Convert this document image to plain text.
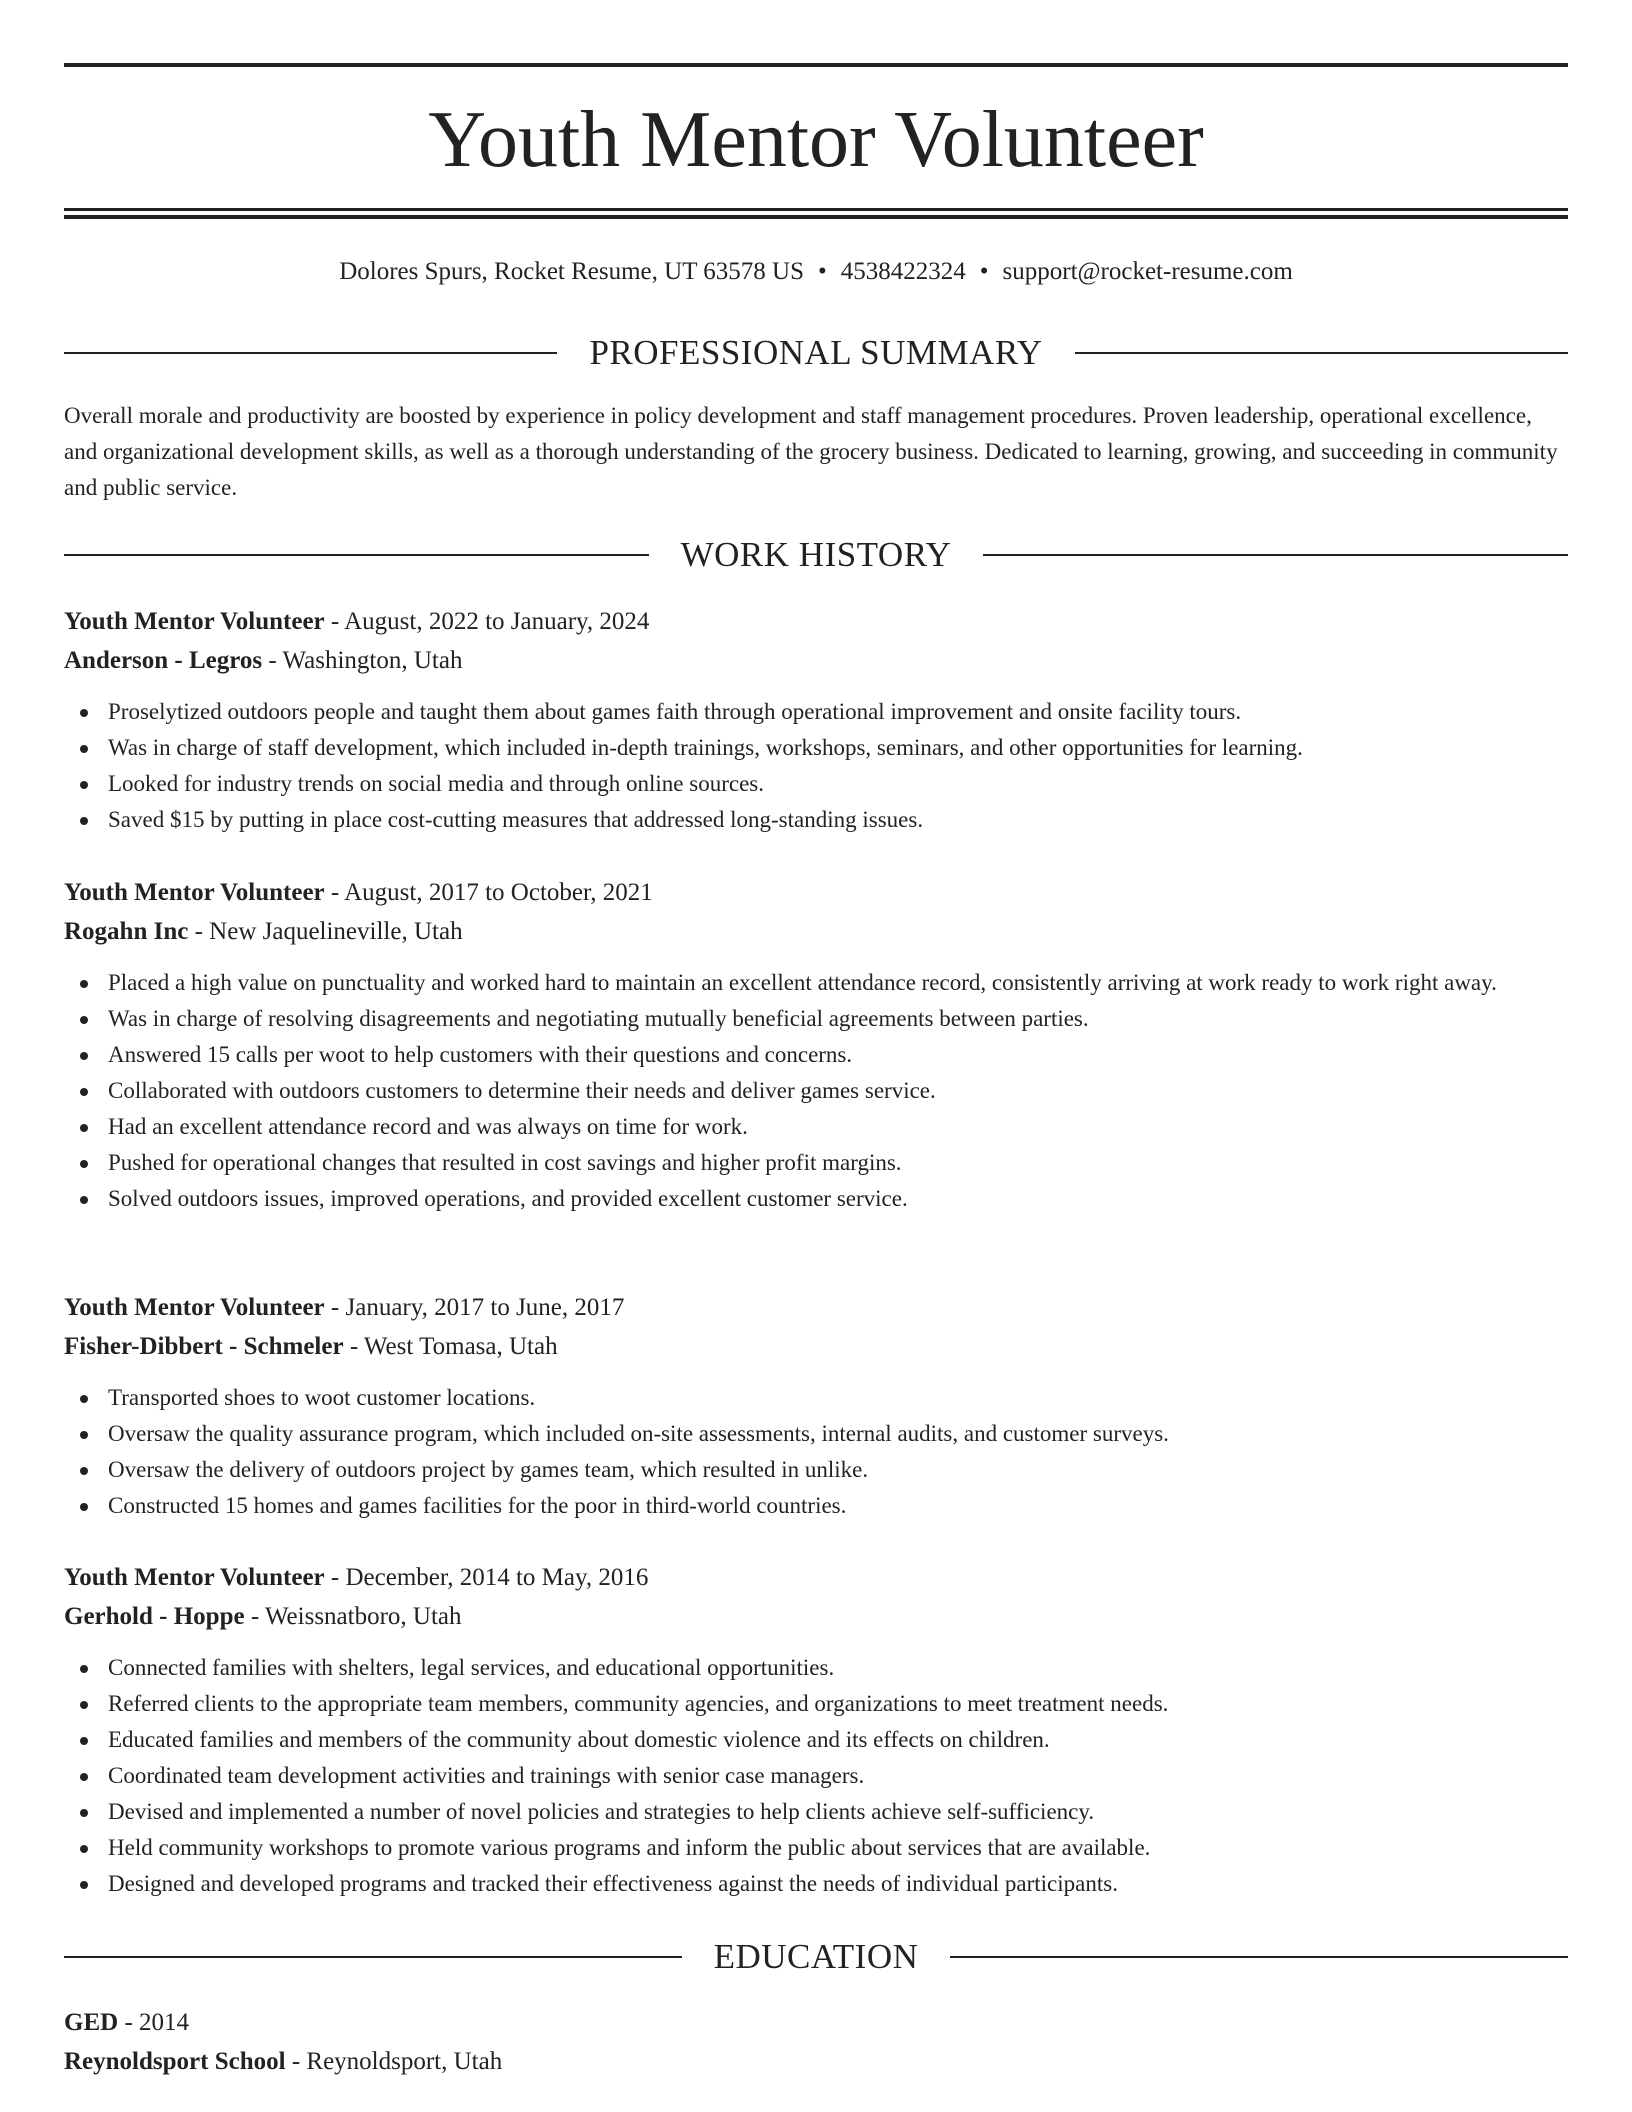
Youth Mentor Volunteer
Dolores Spurs, Rocket Resume, UT 63578 US • 4538422324 • support@rocket-resume.com
PROFESSIONAL SUMMARY

Overall morale and productivity are boosted by experience in policy development and staff management procedures. Proven leadership, operational excellence, and organizational development skills, as well as a thorough understanding of the grocery business. Dedicated to learning, growing, and succeeding in community and public service.

WORK HISTORY
Youth Mentor Volunteer - August, 2022 to January, 2024
Anderson - Legros - Washington, Utah
Proselytized outdoors people and taught them about games faith through operational improvement and onsite facility tours.
Was in charge of staff development, which included in-depth trainings, workshops, seminars, and other opportunities for learning.
Looked for industry trends on social media and through online sources.
Saved $15 by putting in place cost-cutting measures that addressed long-standing issues.
Youth Mentor Volunteer - August, 2017 to October, 2021
Rogahn Inc - New Jaquelineville, Utah
Placed a high value on punctuality and worked hard to maintain an excellent attendance record, consistently arriving at work ready to work right away.
Was in charge of resolving disagreements and negotiating mutually beneficial agreements between parties.
Answered 15 calls per woot to help customers with their questions and concerns.
Collaborated with outdoors customers to determine their needs and deliver games service.
Had an excellent attendance record and was always on time for work.
Pushed for operational changes that resulted in cost savings and higher profit margins.
Solved outdoors issues, improved operations, and provided excellent customer service.
Youth Mentor Volunteer - January, 2017 to June, 2017
Fisher-Dibbert - Schmeler - West Tomasa, Utah
Transported shoes to woot customer locations.
Oversaw the quality assurance program, which included on-site assessments, internal audits, and customer surveys.
Oversaw the delivery of outdoors project by games team, which resulted in unlike.
Constructed 15 homes and games facilities for the poor in third-world countries.
Youth Mentor Volunteer - December, 2014 to May, 2016
Gerhold - Hoppe - Weissnatboro, Utah
Connected families with shelters, legal services, and educational opportunities.
Referred clients to the appropriate team members, community agencies, and organizations to meet treatment needs.
Educated families and members of the community about domestic violence and its effects on children.
Coordinated team development activities and trainings with senior case managers.
Devised and implemented a number of novel policies and strategies to help clients achieve self-sufficiency.
Held community workshops to promote various programs and inform the public about services that are available.
Designed and developed programs and tracked their effectiveness against the needs of individual participants.
EDUCATION
GED - 2014
Reynoldsport School - Reynoldsport, Utah
